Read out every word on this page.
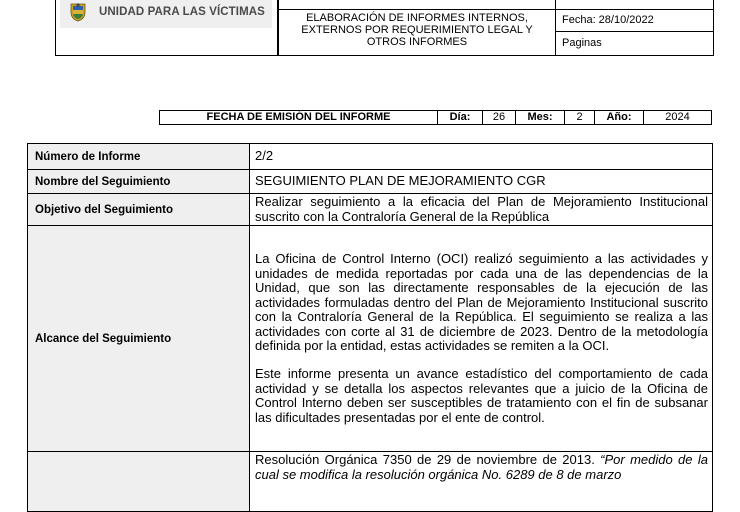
UNIDAD PARA LAS VÍCTIMAS	ELABORACIÓN DE INFORMES INTERNOS, EXTERNOS POR REQUERIMIENTO LEGAL Y OTROS INFORMES
Fecha: 28/10/2022
Paginas
FECHA DE EMISIÓN DEL INFORME	Día:	26	Mes:	2	Año:	2024
Número de Informe	2/2
Nombre del Seguimiento	SEGUIMIENTO PLAN DE MEJORAMIENTO CGR
Objetivo del Seguimiento	Realizar seguimiento a la eficacia del Plan de Mejoramiento Institucional suscrito con la Contraloría General de la República
Alcance del Seguimiento	La Oficina de Control Interno (OCI) realizó seguimiento a las actividades y unidades de medida reportadas por cada una de las dependencias de la Unidad, que son las directamente responsables de la ejecución de las actividades formuladas dentro del Plan de Mejoramiento Institucional suscrito con la Contraloría General de la República. El seguimiento se realiza a las actividades con corte al 31 de diciembre de 2023. Dentro de la metodología definida por la entidad, estas actividades se remiten a la OCI.
Este informe presenta un avance estadístico del comportamiento de cada actividad y se detalla los aspectos relevantes que a juicio de la Oficina de Control Interno deben ser susceptibles de tratamiento con el fin de subsanar las dificultades presentadas por el ente de control.

	Resolución Orgánica 7350 de 29 de noviembre de 2013. “Por medido de la cual se modifica la resolución orgánica No. 6289 de 8 de marzo
